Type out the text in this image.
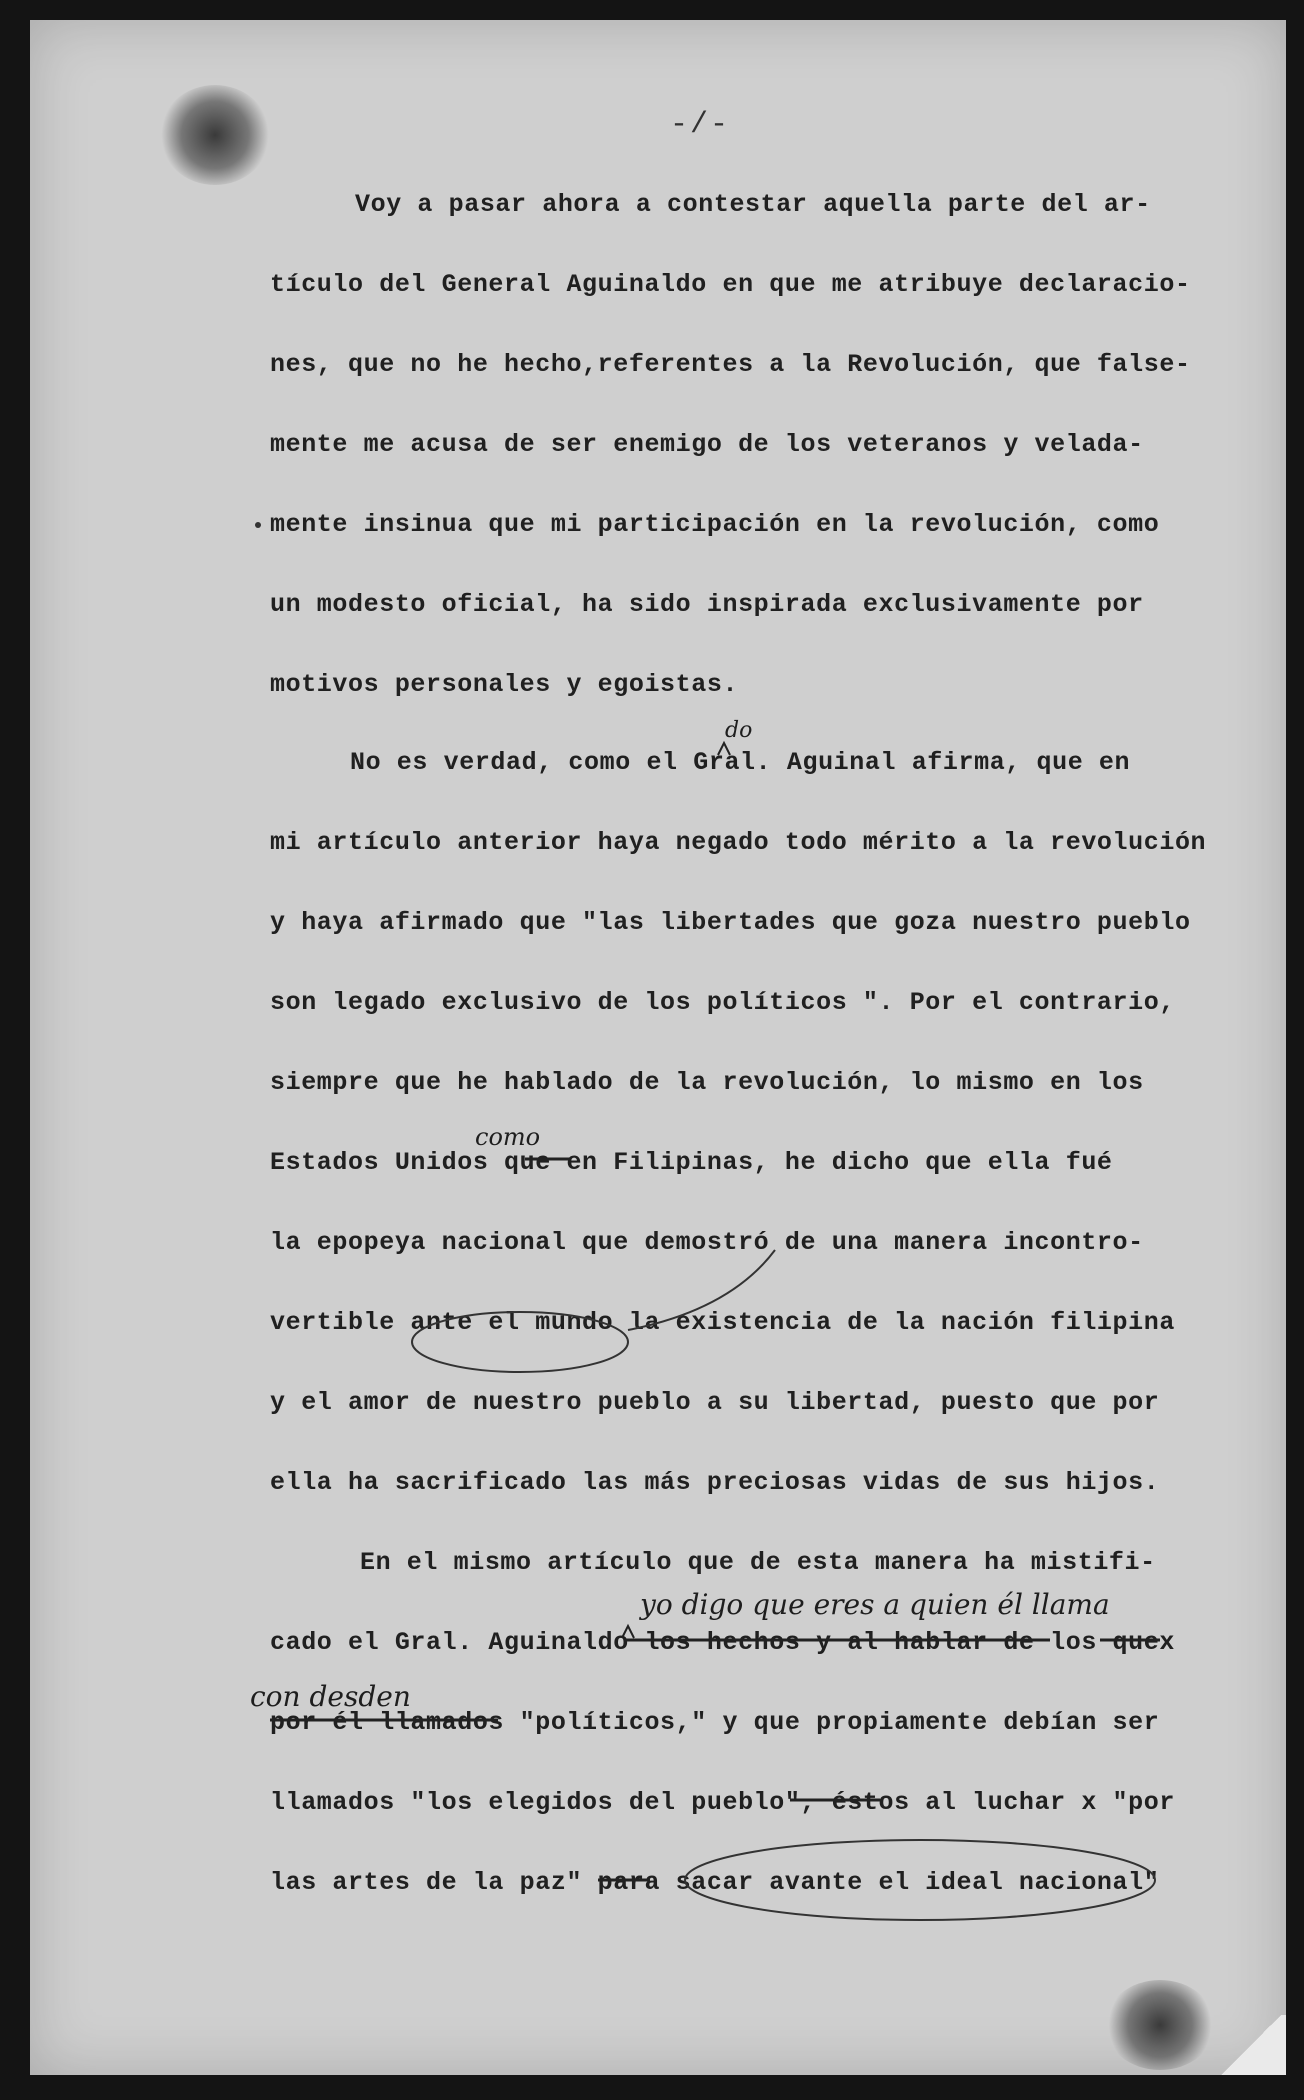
-/-
Voy a pasar ahora a contestar aquella parte del ar-
tículo del General Aguinaldo en que me atribuye declaracio-
nes, que no he hecho,referentes a la Revolución, que false-
mente me acusa de ser enemigo de los veteranos y velada-
mente insinua que mi participación en la revolución, como
un modesto oficial, ha sido inspirada exclusivamente por
motivos personales y egoistas.
No es verdad, como el Gral. Aguinal afirma, que en
do
mi artículo anterior haya negado todo mérito a la revolución
y haya afirmado que "las libertades que goza nuestro pueblo
son legado exclusivo de los políticos ". Por el contrario,
siempre que he hablado de la revolución, lo mismo en los
como
Estados Unidos que en Filipinas, he dicho que ella fué
la epopeya nacional que demostró de una manera incontro-
vertible ante el mundo la existencia de la nación filipina
y el amor de nuestro pueblo a su libertad, puesto que por
ella ha sacrificado las más preciosas vidas de sus hijos.
En el mismo artículo que de esta manera ha mistifi-
yo digo que eres a quien él llama
cado el Gral. Aguinaldo los hechos y al hablar de los quex
con desden
por él llamados "políticos," y que propiamente debían ser
llamados "los elegidos del pueblo", éstos al luchar x "por
las artes de la paz" para sacar avante el ideal nacional"
